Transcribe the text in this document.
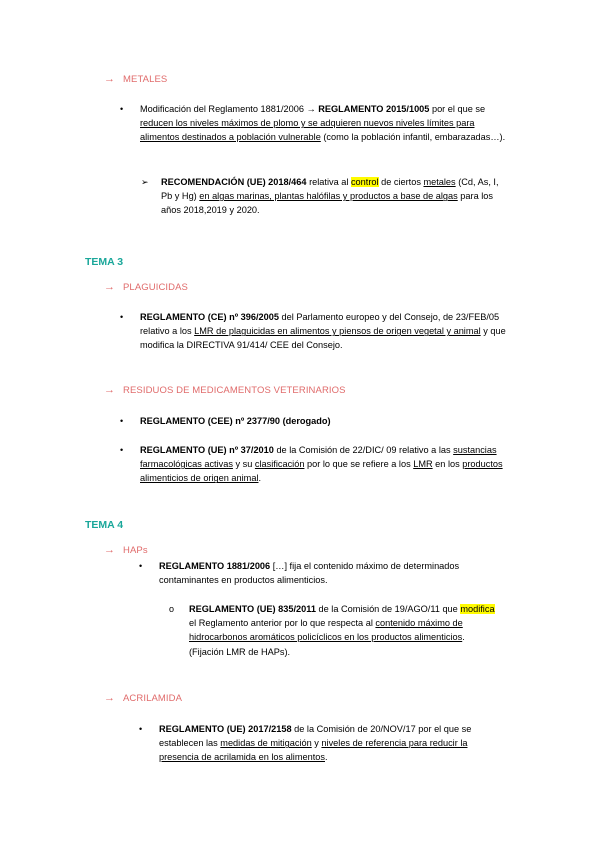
→ METALES
• Modificación del Reglamento 1881/2006 → REGLAMENTO 2015/1005 por el que se reducen los niveles máximos de plomo y se adquieren nuevos niveles límites para alimentos destinados a población vulnerable (como la población infantil, embarazadas…).

➢ RECOMENDACIÓN (UE) 2018/464 relativa al control de ciertos metales (Cd, As, I, Pb y Hg) en algas marinas, plantas halófilas y productos a base de algas para los años 2018,2019 y 2020.

TEMA 3
→ PLAGUICIDAS
• REGLAMENTO (CE) nº 396/2005 del Parlamento europeo y del Consejo, de 23/FEB/05 relativo a los LMR de plaguicidas en alimentos y piensos de origen vegetal y animal y que modifica la DIRECTIVA 91/414/ CEE del Consejo.

→ RESIDUOS DE MEDICAMENTOS VETERINARIOS
• REGLAMENTO (CEE) nº 2377/90 (derogado)

• REGLAMENTO (UE) nº 37/2010 de la Comisión de 22/DIC/ 09 relativo a las sustancias farmacológicas activas y su clasificación por lo que se refiere a los LMR en los productos alimenticios de origen animal.

TEMA 4
→ HAPs
• REGLAMENTO 1881/2006 […] fija el contenido máximo de determinados contaminantes en productos alimenticios.

o REGLAMENTO (UE) 835/2011 de la Comisión de 19/AGO/11 que modifica el Reglamento anterior por lo que respecta al contenido máximo de hidrocarbonos aromáticos policíclicos en los productos alimenticios. (Fijación LMR de HAPs).

→ ACRILAMIDA
• REGLAMENTO (UE) 2017/2158 de la Comisión de 20/NOV/17 por el que se establecen las medidas de mitigación y niveles de referencia para reducir la presencia de acrilamida en los alimentos.
